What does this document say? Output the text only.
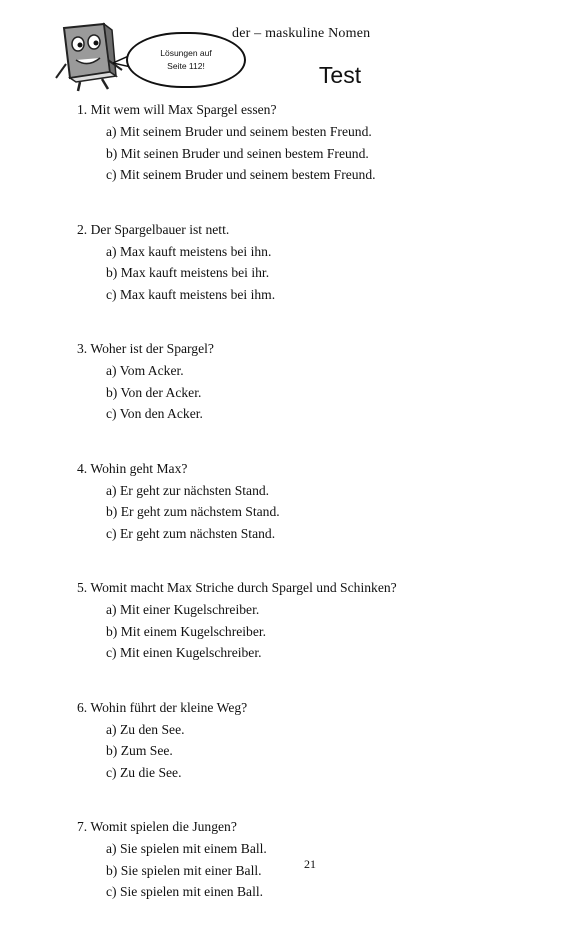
der – maskuline Nomen
Test
Lösungen auf
Seite 112!
1. Mit wem will Max Spargel essen?
a) Mit seinem Bruder und seinem besten Freund.
b) Mit seinen Bruder und seinen bestem Freund.
c) Mit seinem Bruder und seinem bestem Freund.
2. Der Spargelbauer ist nett.
a) Max kauft meistens bei ihn.
b) Max kauft meistens bei ihr.
c) Max kauft meistens bei ihm.
3. Woher ist der Spargel?
a) Vom Acker.
b) Von der Acker.
c) Von den Acker.
4. Wohin geht Max?
a) Er geht zur nächsten Stand.
b) Er geht zum nächstem Stand.
c) Er geht zum nächsten Stand.
5. Womit macht Max Striche durch Spargel und Schinken?
a) Mit einer Kugelschreiber.
b) Mit einem Kugelschreiber.
c) Mit einen Kugelschreiber.
6. Wohin führt der kleine Weg?
a) Zu den See.
b) Zum See.
c) Zu die See.
7. Womit spielen die Jungen?
a) Sie spielen mit einem Ball.
b) Sie spielen mit einer Ball.
c) Sie spielen mit einen Ball.
21
